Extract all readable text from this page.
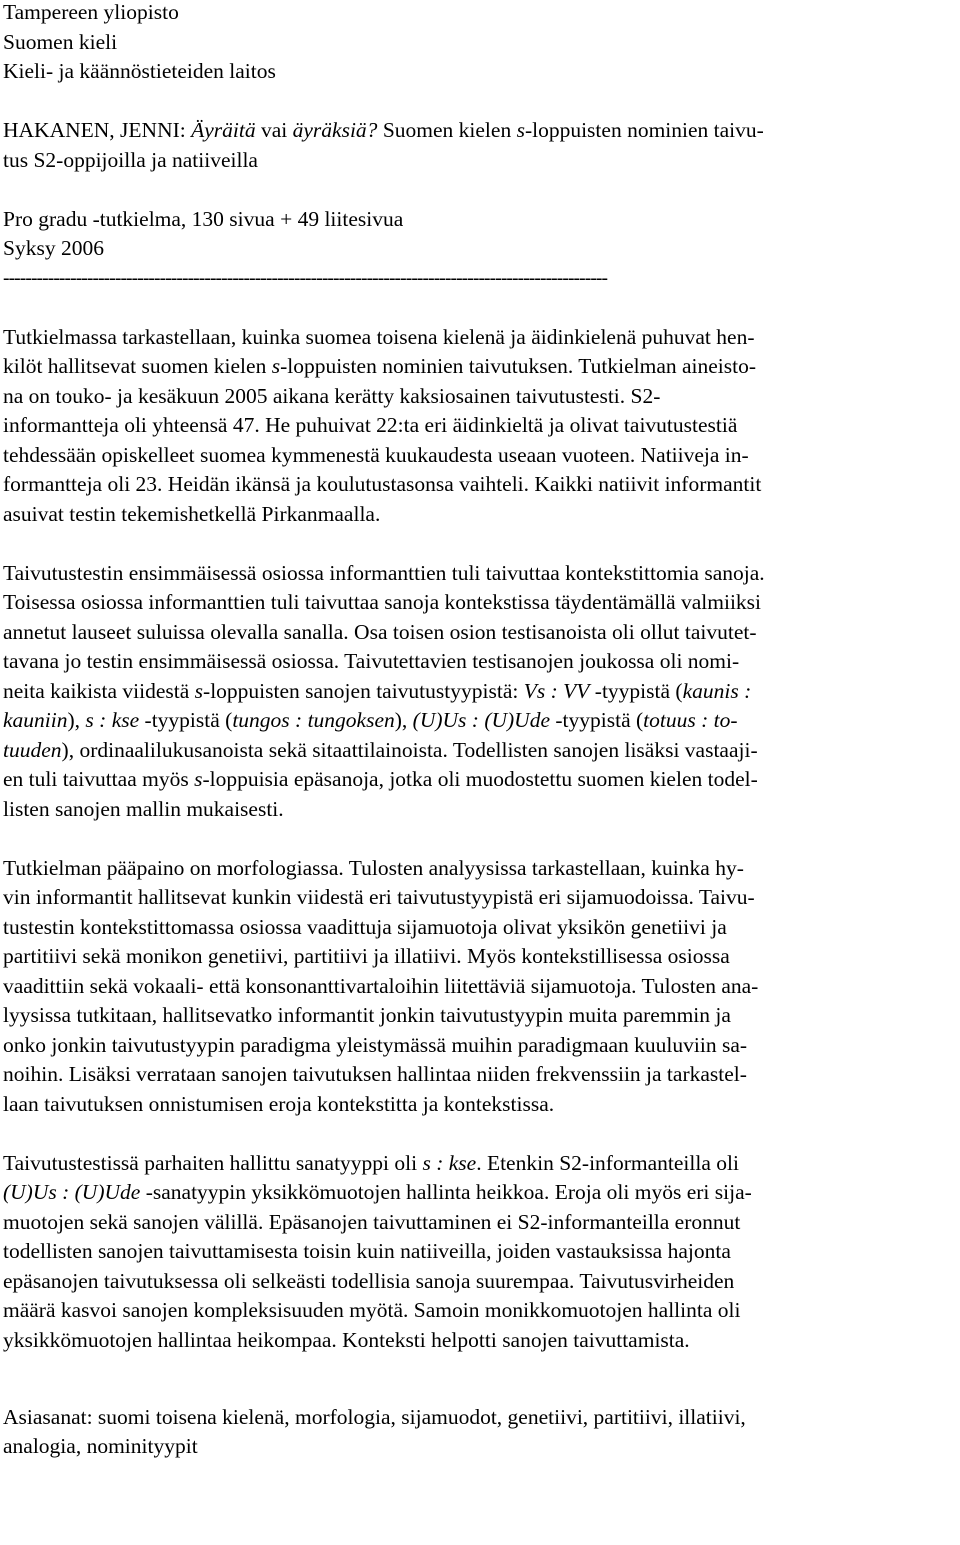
Tampereen yliopisto
Suomen kieli
Kieli- ja käännöstieteiden laitos
HAKANEN, JENNI: Äyräitä vai äyräksiä? Suomen kielen s-loppuisten nominien taivu-
tus S2-oppijoilla ja natiiveilla
Pro gradu -tutkielma, 130 sivua + 49 liitesivua
Syksy 2006
------------------------------------------------------------------------------------------------------------
Tutkielmassa tarkastellaan, kuinka suomea toisena kielenä ja äidinkielenä puhuvat hen-
kilöt hallitsevat suomen kielen s-loppuisten nominien taivutuksen. Tutkielman aineisto-
na on touko- ja kesäkuun 2005 aikana kerätty kaksiosainen taivutustesti. S2-
informantteja oli yhteensä 47. He puhuivat 22:ta eri äidinkieltä ja olivat taivutustestiä
tehdessään opiskelleet suomea kymmenestä kuukaudesta useaan vuoteen. Natiiveja in-
formantteja oli 23. Heidän ikänsä ja koulutustasonsa vaihteli. Kaikki natiivit informantit
asuivat testin tekemishetkellä Pirkanmaalla.
Taivutustestin ensimmäisessä osiossa informanttien tuli taivuttaa kontekstittomia sanoja.
Toisessa osiossa informanttien tuli taivuttaa sanoja kontekstissa täydentämällä valmiiksi
annetut lauseet suluissa olevalla sanalla. Osa toisen osion testisanoista oli ollut taivutet-
tavana jo testin ensimmäisessä osiossa. Taivutettavien testisanojen joukossa oli nomi-
neita kaikista viidestä s-loppuisten sanojen taivutustyypistä: Vs : VV -tyypistä (kaunis :
kauniin), s : kse -tyypistä (tungos : tungoksen), (U)Us : (U)Ude -tyypistä (totuus : to-
tuuden), ordinaalilukusanoista sekä sitaattilainoista. Todellisten sanojen lisäksi vastaaji-
en tuli taivuttaa myös s-loppuisia epäsanoja, jotka oli muodostettu suomen kielen todel-
listen sanojen mallin mukaisesti.
Tutkielman pääpaino on morfologiassa. Tulosten analyysissa tarkastellaan, kuinka hy-
vin informantit hallitsevat kunkin viidestä eri taivutustyypistä eri sijamuodoissa. Taivu-
tustestin kontekstittomassa osiossa vaadittuja sijamuotoja olivat yksikön genetiivi ja
partitiivi sekä monikon genetiivi, partitiivi ja illatiivi. Myös kontekstillisessa osiossa
vaadittiin sekä vokaali- että konsonanttivartaloihin liitettäviä sijamuotoja. Tulosten ana-
lyysissa tutkitaan, hallitsevatko informantit jonkin taivutustyypin muita paremmin ja
onko jonkin taivutustyypin paradigma yleistymässä muihin paradigmaan kuuluviin sa-
noihin. Lisäksi verrataan sanojen taivutuksen hallintaa niiden frekvenssiin ja tarkastel-
laan taivutuksen onnistumisen eroja kontekstitta ja kontekstissa.
Taivutustestissä parhaiten hallittu sanatyyppi oli s : kse. Etenkin S2-informanteilla oli
(U)Us : (U)Ude -sanatyypin yksikkömuotojen hallinta heikkoa. Eroja oli myös eri sija-
muotojen sekä sanojen välillä. Epäsanojen taivuttaminen ei S2-informanteilla eronnut
todellisten sanojen taivuttamisesta toisin kuin natiiveilla, joiden vastauksissa hajonta
epäsanojen taivutuksessa oli selkeästi todellisia sanoja suurempaa. Taivutusvirheiden
määrä kasvoi sanojen kompleksisuuden myötä. Samoin monikkomuotojen hallinta oli
yksikkömuotojen hallintaa heikompaa. Konteksti helpotti sanojen taivuttamista.
Asiasanat: suomi toisena kielenä, morfologia, sijamuodot, genetiivi, partitiivi, illatiivi,
analogia, nominityypit
